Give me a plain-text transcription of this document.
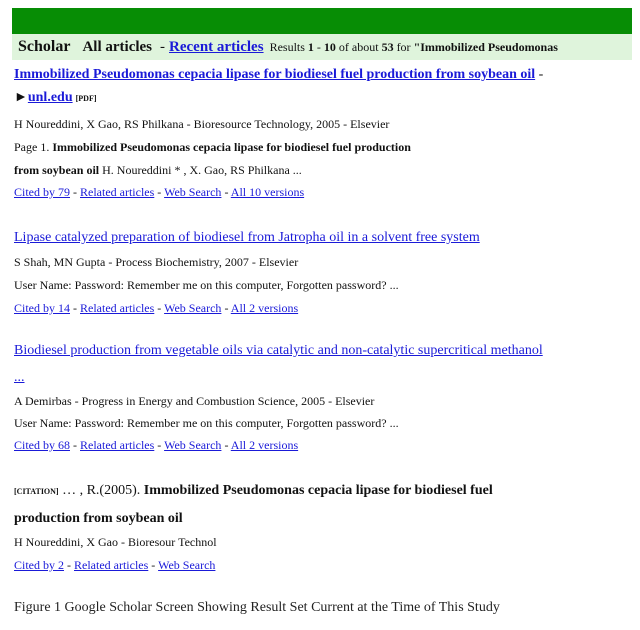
Scholar All articles - Recent articles Results 1 - 10 of about 53 for "Immobilized Pseudomonas

Immobilized Pseudomonas cepacia lipase for biodiesel fuel production from soybean oil -

►unl.edu [PDF]

H Noureddini, X Gao, RS Philkana - Bioresource Technology, 2005 - Elsevier

Page 1. Immobilized Pseudomonas cepacia lipase for biodiesel fuel production

from soybean oil H. Noureddini * , X. Gao, RS Philkana ...

Cited by 79 - Related articles - Web Search - All 10 versions

Lipase catalyzed preparation of biodiesel from Jatropha oil in a solvent free system

S Shah, MN Gupta - Process Biochemistry, 2007 - Elsevier

User Name: Password: Remember me on this computer, Forgotten password? ...

Cited by 14 - Related articles - Web Search - All 2 versions

Biodiesel production from vegetable oils via catalytic and non-catalytic supercritical methanol

...

A Demirbas - Progress in Energy and Combustion Science, 2005 - Elsevier

User Name: Password: Remember me on this computer, Forgotten password? ...

Cited by 68 - Related articles - Web Search - All 2 versions

[CITATION] … , R.(2005). Immobilized Pseudomonas cepacia lipase for biodiesel fuel

production from soybean oil

H Noureddini, X Gao - Bioresour Technol

Cited by 2 - Related articles - Web Search

Figure 1 Google Scholar Screen Showing Result Set Current at the Time of This Study
